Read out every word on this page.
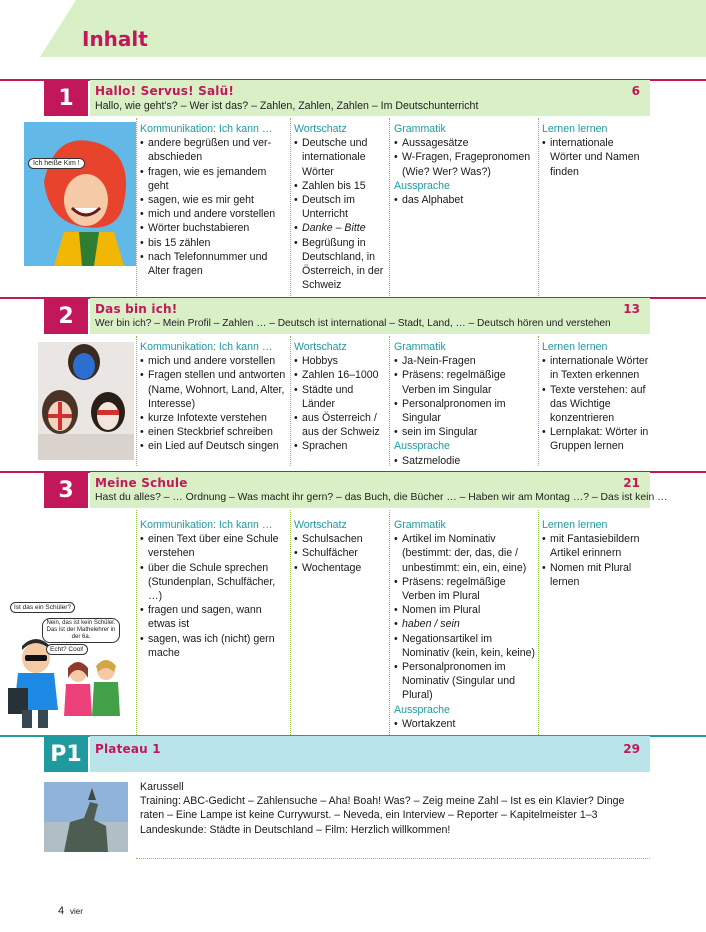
Inhalt
1	Hallo! Servus! Salü!	6
Hallo, wie geht's? – Wer ist das? – Zahlen, Zahlen, Zahlen – Im Deutschunterricht
Ich heiße Kim !
Kommunikation: Ich kann …
• andere begrüßen und verabschieden
• fragen, wie es jemandem geht
• sagen, wie es mir geht
• mich und andere vorstellen
• Wörter buchstabieren
• bis 15 zählen
• nach Telefonnummer und Alter fragen
Wortschatz
• Deutsche und internationale Wörter
• Zahlen bis 15
• Deutsch im Unterricht
• Danke – Bitte
• Begrüßung in Deutschland, in Österreich, in der Schweiz
Grammatik
• Aussagesätze
• W-Fragen, Fragepronomen (Wie? Wer? Was?)
Aussprache
• das Alphabet
Lernen lernen
• internationale Wörter und Namen finden
2	Das bin ich!	13
Wer bin ich? – Mein Profil – Zahlen … – Deutsch ist international – Stadt, Land, … – Deutsch hören und verstehen
Kommunikation: Ich kann …
• mich und andere vorstellen
• Fragen stellen und antworten (Name, Wohnort, Land, Alter, Interesse)
• kurze Infotexte verstehen
• einen Steckbrief schreiben
• ein Lied auf Deutsch singen
Wortschatz
• Hobbys
• Zahlen 16–1000
• Städte und Länder
• aus Österreich / aus der Schweiz
• Sprachen
Grammatik
• Ja-Nein-Fragen
• Präsens: regelmäßige Verben im Singular
• Personalpronomen im Singular
• sein im Singular
Aussprache
• Satzmelodie
Lernen lernen
• internationale Wörter in Texten erkennen
• Texte verstehen: auf das Wichtige konzentrieren
• Lernplakat: Wörter in Gruppen lernen
3	Meine Schule	21
Hast du alles? – … Ordnung – Was macht ihr gern? – das Buch, die Bücher … – Haben wir am Montag …? – Das ist kein …
Ist das ein Schüler?
Nein, das ist kein Schüler. Das ist der Mathelehrer in der 6a.
Echt? Cool!
Kommunikation: Ich kann …
• einen Text über eine Schule verstehen
• über die Schule sprechen (Stundenplan, Schulfächer, …)
• fragen und sagen, wann etwas ist
• sagen, was ich (nicht) gern mache
Wortschatz
• Schulsachen
• Schulfächer
• Wochentage
Grammatik
• Artikel im Nominativ (bestimmt: der, das, die / unbestimmt: ein, ein, eine)
• Präsens: regelmäßige Verben im Plural
• Nomen im Plural
• haben / sein
• Negationsartikel im Nominativ (kein, kein, keine)
• Personalpronomen im Nominativ (Singular und Plural)
Aussprache
• Wortakzent
Lernen lernen
• mit Fantasiebildern Artikel erinnern
• Nomen mit Plural lernen
P1	Plateau 1	29
Karussell
Training: ABC-Gedicht – Zahlensuche – Aha! Boah! Was? – Zeig meine Zahl – Ist es ein Klavier? Dinge raten – Eine Lampe ist keine Currywurst. – Neveda, ein Interview – Reporter – Kapitelmeister 1–3
Landeskunde: Städte in Deutschland – Film: Herzlich willkommen!
4 vier
